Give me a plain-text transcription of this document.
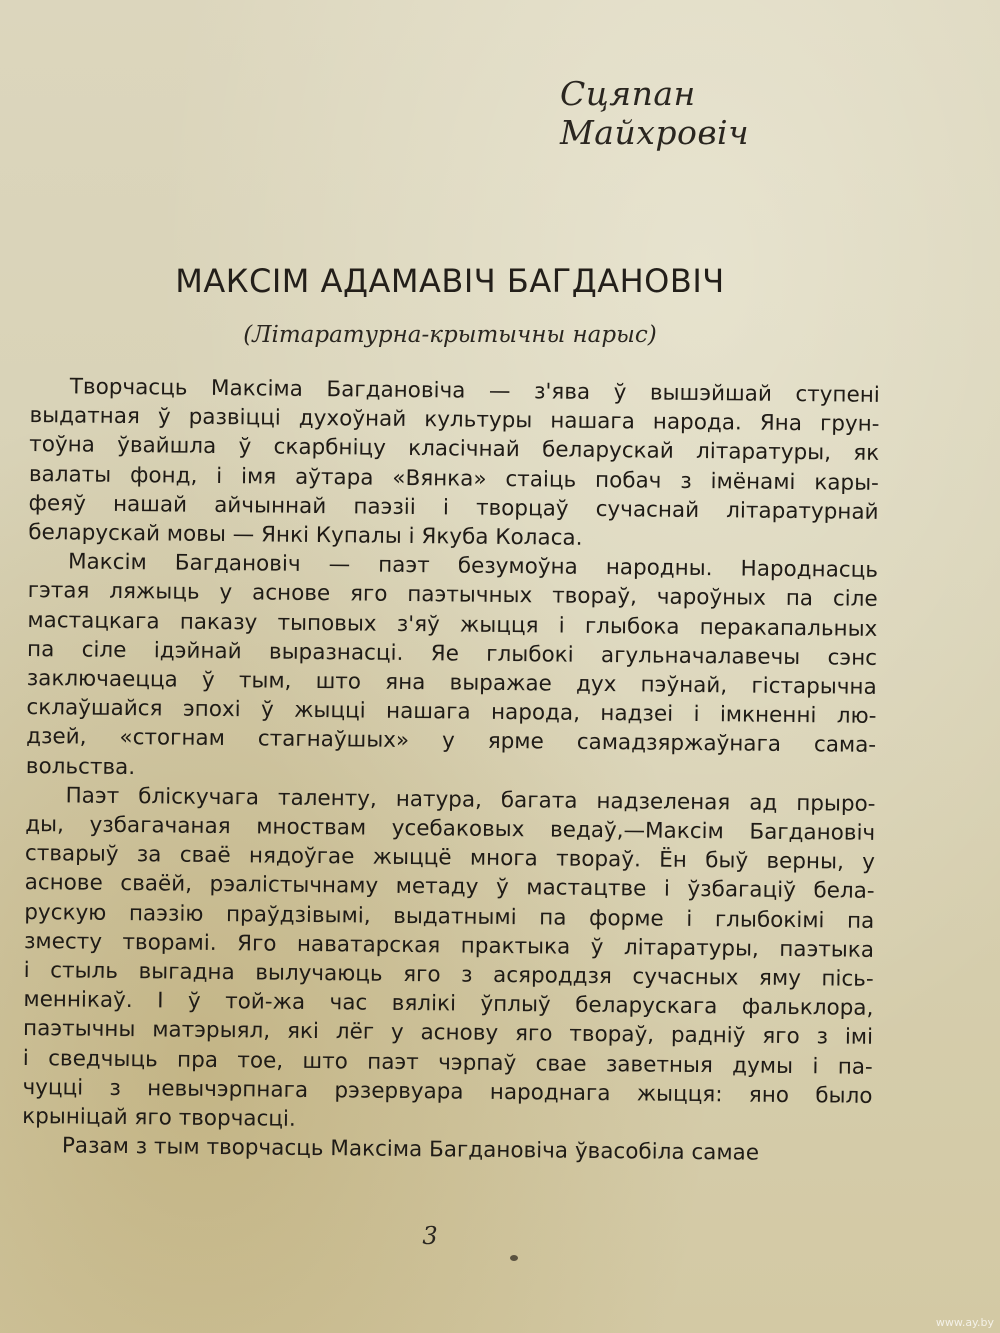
Сцяпан Майхровіч
МАКСІМ АДАМАВІЧ БАГДАНОВІЧ
(Літаратурна-крытычны нарыс)
Творчасць Максіма Багдановіча — з'ява ў вышэйшай ступені
выдатная ў развіцці духоўнай культуры нашага народа. Яна грун-
тоўна ўвайшла ў скарбніцу класічнай беларускай літаратуры, як
валаты фонд, і імя аўтара «Вянка» стаіць побач з імёнамі кары-
феяў нашай айчыннай паэзіі і творцаў сучаснай літаратурнай
беларускай мовы — Янкі Купалы і Якуба Коласа.
Максім Багдановіч — паэт безумоўна народны. Народнасць
гэтая ляжыць у аснове яго паэтычных твораў, чароўных па сіле
мастацкага паказу тыповых з'яў жыцця і глыбока перакапальных
па сіле ідэйнай выразнасці. Яе глыбокі агульначалавечы сэнс
заключаецца ў тым, што яна выражае дух пэўнай, гістарычна
склаўшайся эпохі ў жыцці нашага народа, надзеі і імкненні лю-
дзей, «стогнам стагнаўшых» у ярме самадзяржаўнага сама-
вольства.
Паэт бліскучага таленту, натура, багата надзеленая ад прыро-
ды, узбагачаная мноствам усебаковых ведаў,—Максім Багдановіч
стварыў за сваё нядоўгае жыццё многа твораў. Ён быў верны, у
аснове сваёй, рэалістычнаму метаду ў мастацтве і ўзбагаціў бела-
рускую паэзію праўдзівымі, выдатнымі па форме і глыбокімі па
зместу творамі. Яго наватарская практыка ў літаратуры, паэтыка
і стыль выгадна вылучаюць яго з асяроддзя сучасных яму пісь-
меннікаў. І ў той-жа час вялікі ўплыў беларускага фальклора,
паэтычны матэрыял, які лёг у аснову яго твораў, радніў яго з імі
і сведчыць пра тое, што паэт чэрпаў свае заветныя думы і па-
чуцці з невычэрпнага рэзервуара народнага жыцця: яно было
крыніцай яго творчасці.
Разам з тым творчасць Максіма Багдановіча ўвасобіла самае
3
www.ay.by
